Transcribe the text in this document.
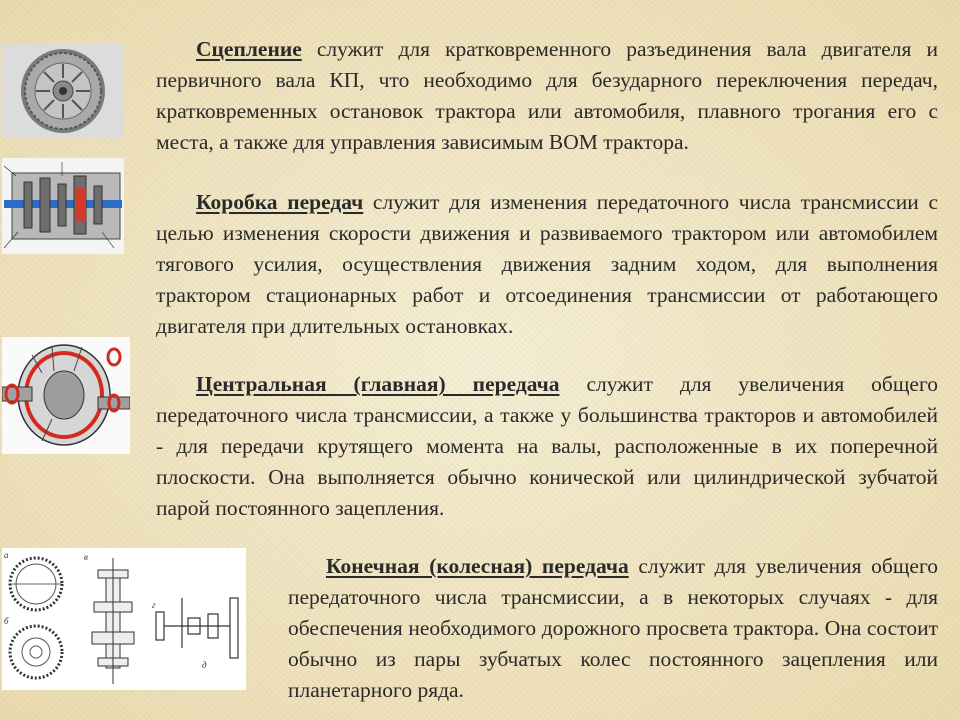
а
б
в
г
д

Сцепление служит для кратковременного разъединения вала двигателя и первичного вала КП, что необходимо для безударного переключения передач, кратковременных остановок трактора или автомобиля, плавного трогания его с места, а также для управления зависимым ВОМ трактора.

Коробка передач служит для изменения передаточного числа трансмиссии с целью изменения скорости движения и развиваемого трактором или автомобилем тягового усилия, осуществления движения задним ходом, для выполнения трактором стационарных работ и отсоединения трансмиссии от работающего двигателя при длительных остановках.

Центральная (главная) передача служит для увеличения общего передаточного числа трансмиссии, а также у большинства тракторов и автомобилей - для передачи крутящего момента на валы, расположенные в их поперечной плоскости. Она выполняется обычно конической или цилиндрической зубчатой парой постоянного зацепления.

Конечная (колесная) передача служит для увеличения общего передаточного числа трансмиссии, а в некоторых случаях - для обеспечения необходимого дорожного просвета трактора. Она состоит обычно из пары зубчатых колес постоянного зацепления или планетарного ряда.
